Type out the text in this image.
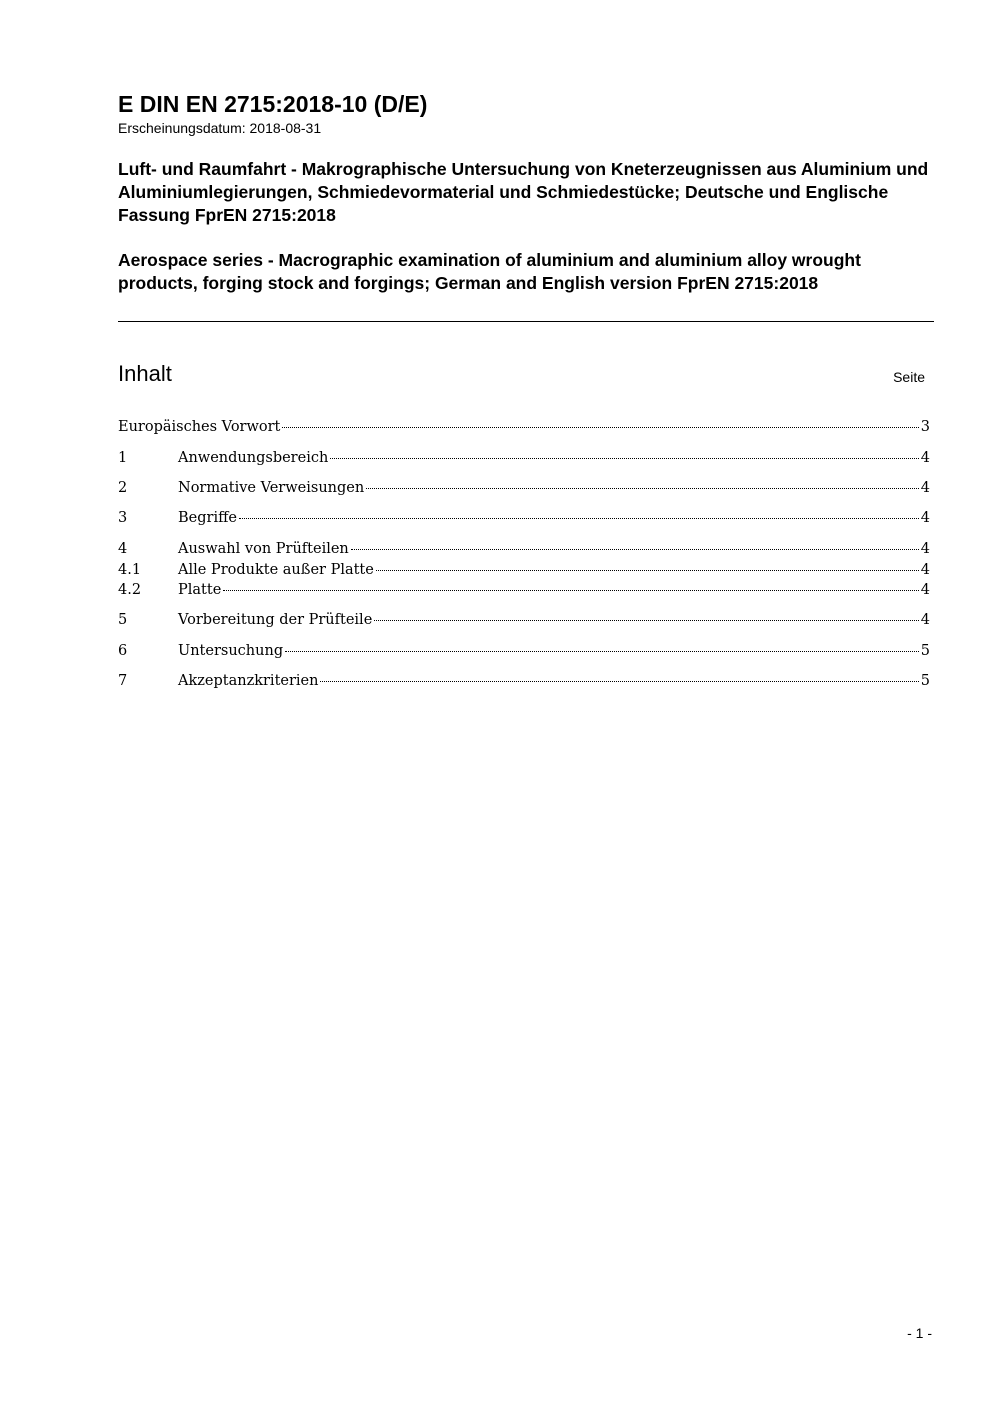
E DIN EN 2715:2018-10 (D/E)

Erscheinungsdatum: 2018-08-31

Luft- und Raumfahrt - Makrographische Untersuchung von Kneterzeugnissen aus Aluminium und Aluminiumlegierungen, Schmiedevormaterial und Schmiedestücke; Deutsche und Englische Fassung FprEN 2715:2018

Aerospace series - Macrographic examination of aluminium and aluminium alloy wrought products, forging stock and forgings; German and English version FprEN 2715:2018

Inhalt	Seite
Europäisches Vorwort	3
1	Anwendungsbereich	4
2	Normative Verweisungen	4
3	Begriffe	4
4	Auswahl von Prüfteilen	4
4.1	Alle Produkte außer Platte	4
4.2	Platte	4
5	Vorbereitung der Prüfteile	4
6	Untersuchung	5
7	Akzeptanzkriterien	5
- 1 -
